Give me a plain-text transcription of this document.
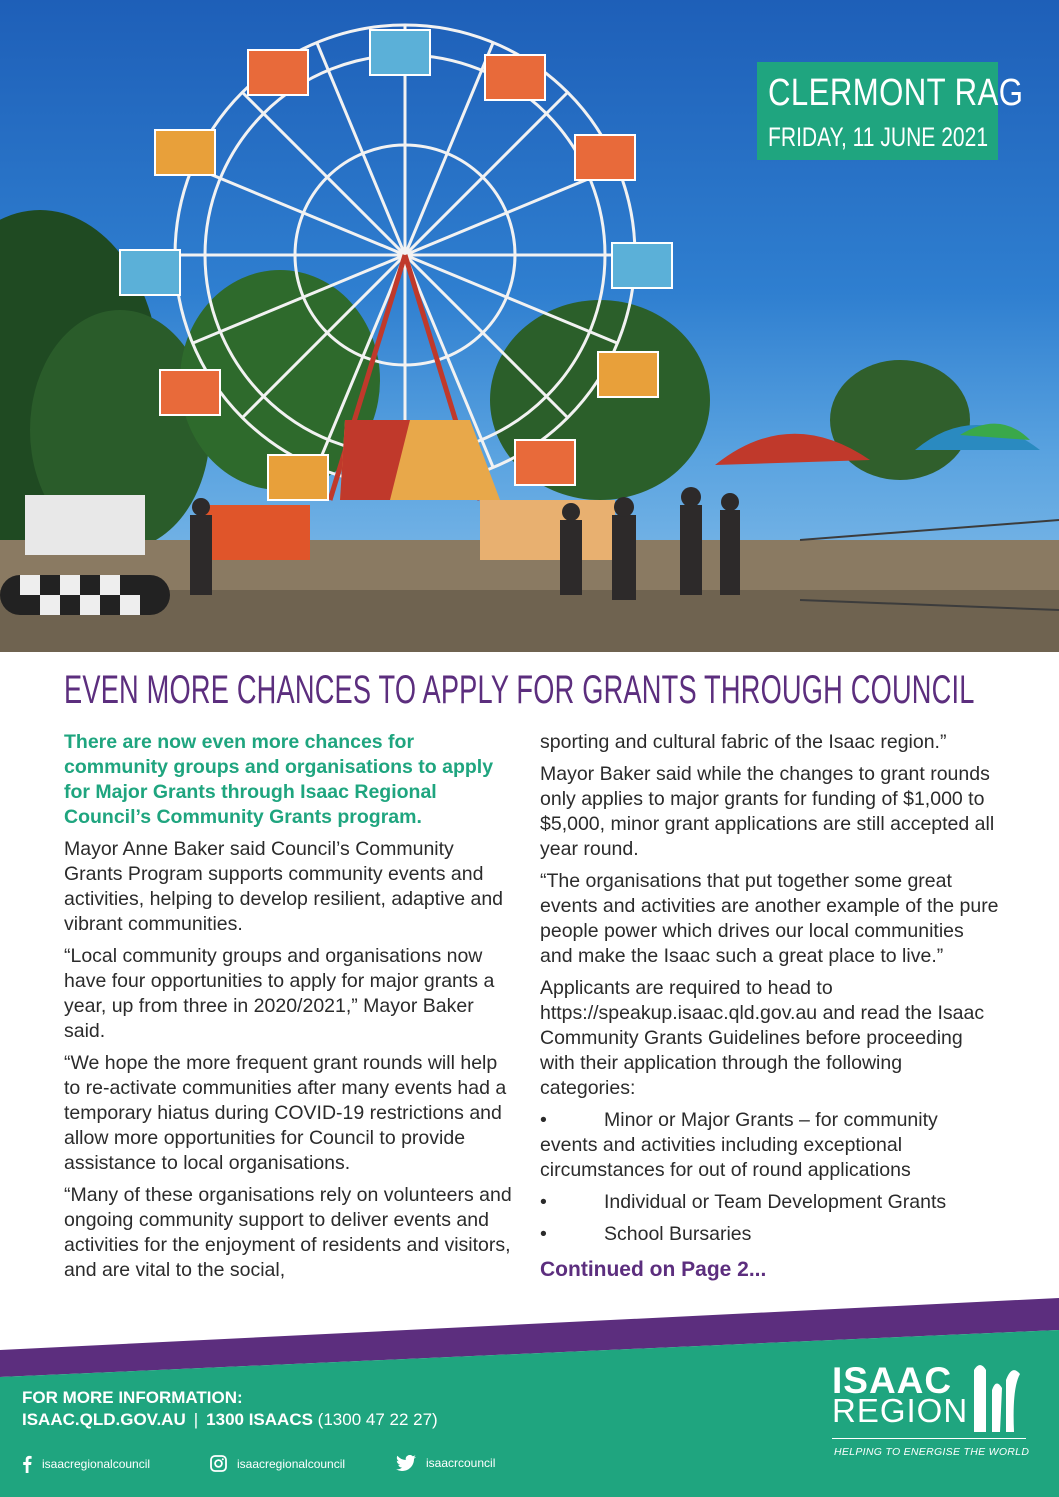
CLERMONT RAG
FRIDAY, 11 JUNE 2021
EVEN MORE CHANCES TO APPLY FOR GRANTS THROUGH COUNCIL

There are now even more chances for community groups and organisations to apply for Major Grants through Isaac Regional Council’s Community Grants program.

Mayor Anne Baker said Council’s Community Grants Program supports community events and activities, helping to develop resilient, adaptive and vibrant communities.

“Local community groups and organisations now have four opportunities to apply for major grants a year, up from three in 2020/2021,” Mayor Baker said.

“We hope the more frequent grant rounds will help to re-activate communities after many events had a temporary hiatus during COVID-19 restrictions and allow more opportunities for Council to provide assistance to local organisations.

“Many of these organisations rely on volunteers and ongoing community support to deliver events and activities for the enjoyment of residents and visitors, and are vital to the social,

sporting and cultural fabric of the Isaac region.”

Mayor Baker said while the changes to grant rounds only applies to major grants for funding of $1,000 to $5,000, minor grant applications are still accepted all year round.

“The organisations that put together some great events and activities are another example of the pure people power which drives our local communities and make the Isaac such a great place to live.”

Applicants are required to head to https://speakup.isaac.qld.gov.au and read the Isaac Community Grants Guidelines before proceeding with their application through the following categories:

•	Minor or Major Grants – for community events and activities including exceptional circumstances for out of round applications
•	Individual or Team Development Grants
•	School Bursaries
Continued on Page 2...
FOR MORE INFORMATION:
ISAAC.QLD.GOV.AU | 1300 ISAACS (1300 47 22 27)
isaacregionalcouncil	isaacregionalcouncil	isaacrcouncil
ISAAC
REGION
HELPING TO ENERGISE THE WORLD
